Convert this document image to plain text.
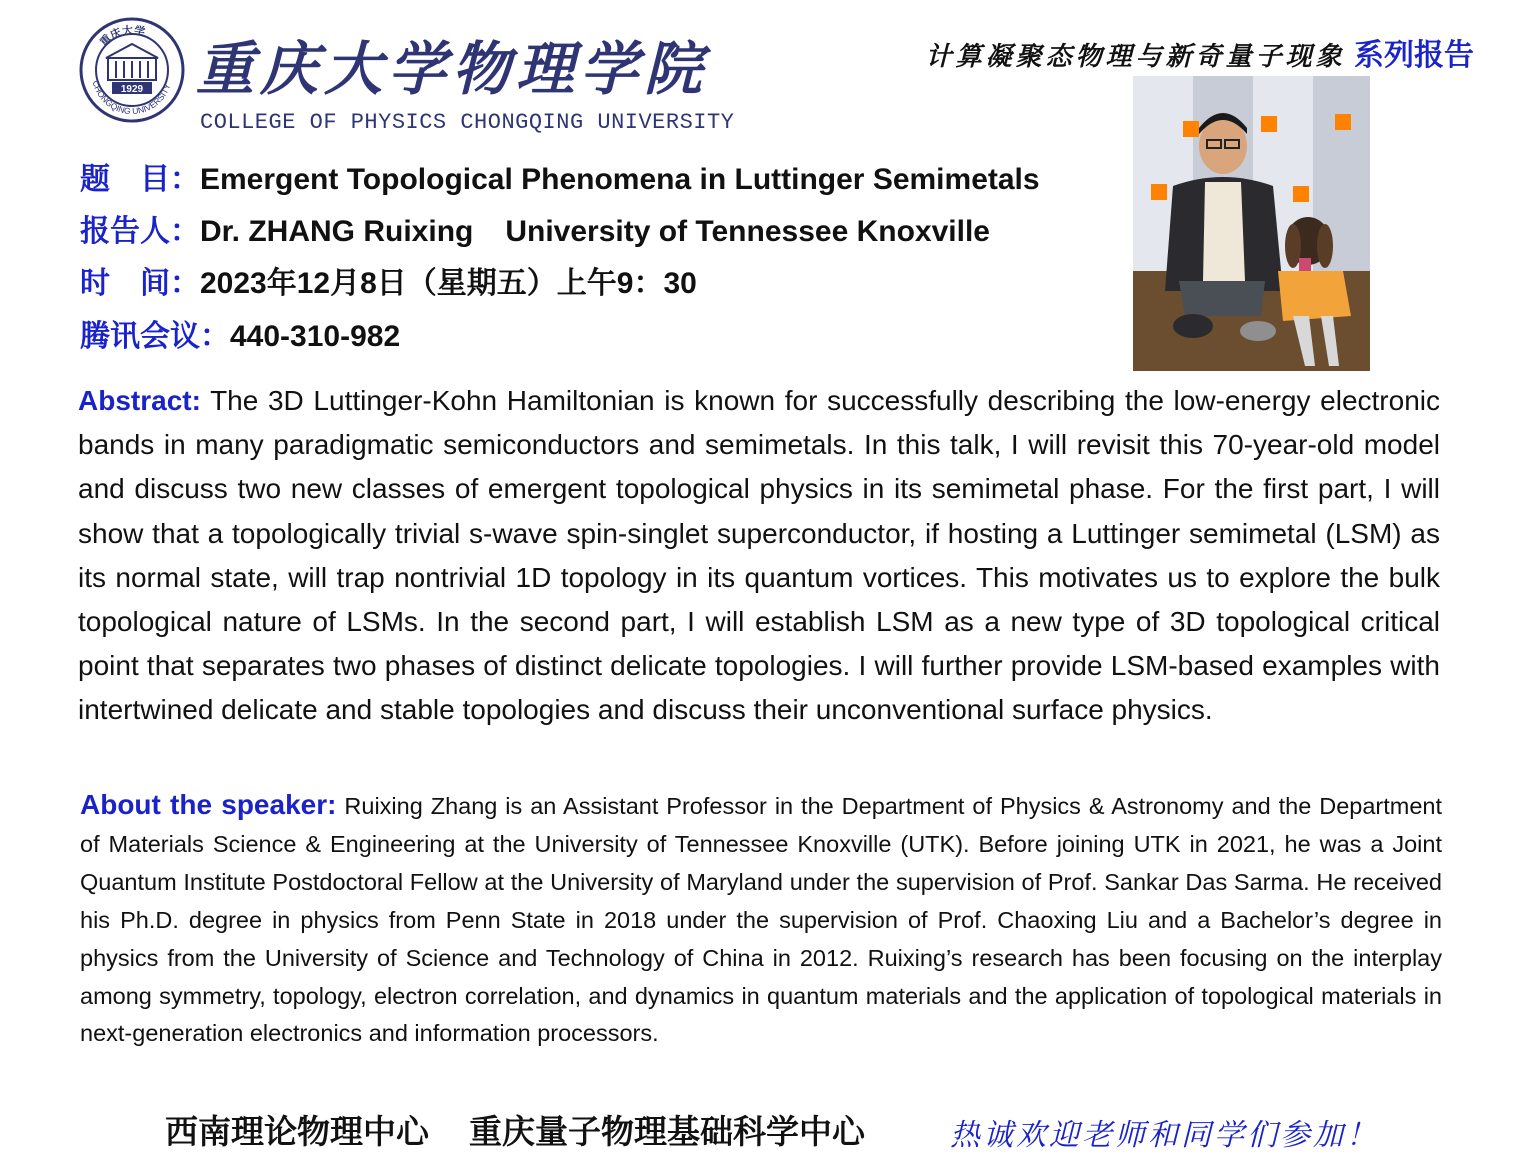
重庆大学
CHONGQING UNIVERSITY
1929 重庆大学物理学院
COLLEGE OF PHYSICS CHONGQING UNIVERSITY
计算凝聚态物理与新奇量子现象 系列报告
题　目：Emergent Topological Phenomena in Luttinger Semimetals
报告人：Dr. ZHANG Ruixing University of Tennessee Knoxville
时　间：2023年12月8日（星期五）上午9：30
腾讯会议：440-310-982
Abstract: The 3D Luttinger-Kohn Hamiltonian is known for successfully describing the low-energy electronic bands in many paradigmatic semiconductors and semimetals. In this talk, I will revisit this 70-year-old model and discuss two new classes of emergent topological physics in its semimetal phase. For the first part, I will show that a topologically trivial s-wave spin-singlet superconductor, if hosting a Luttinger semimetal (LSM) as its normal state, will trap nontrivial 1D topology in its quantum vortices. This motivates us to explore the bulk topological nature of LSMs. In the second part, I will establish LSM as a new type of 3D topological critical point that separates two phases of distinct delicate topologies. I will further provide LSM-based examples with intertwined delicate and stable topologies and discuss their unconventional surface physics.
About the speaker: Ruixing Zhang is an Assistant Professor in the Department of Physics & Astronomy and the Department of Materials Science & Engineering at the University of Tennessee Knoxville (UTK). Before joining UTK in 2021, he was a Joint Quantum Institute Postdoctoral Fellow at the University of Maryland under the supervision of Prof. Sankar Das Sarma. He received his Ph.D. degree in physics from Penn State in 2018 under the supervision of Prof. Chaoxing Liu and a Bachelor’s degree in physics from the University of Science and Technology of China in 2012. Ruixing’s research has been focusing on the interplay among symmetry, topology, electron correlation, and dynamics in quantum materials and the application of topological materials in next-generation electronics and information processors.
西南理论物理中心 重庆量子物理基础科学中心	热诚欢迎老师和同学们参加！
